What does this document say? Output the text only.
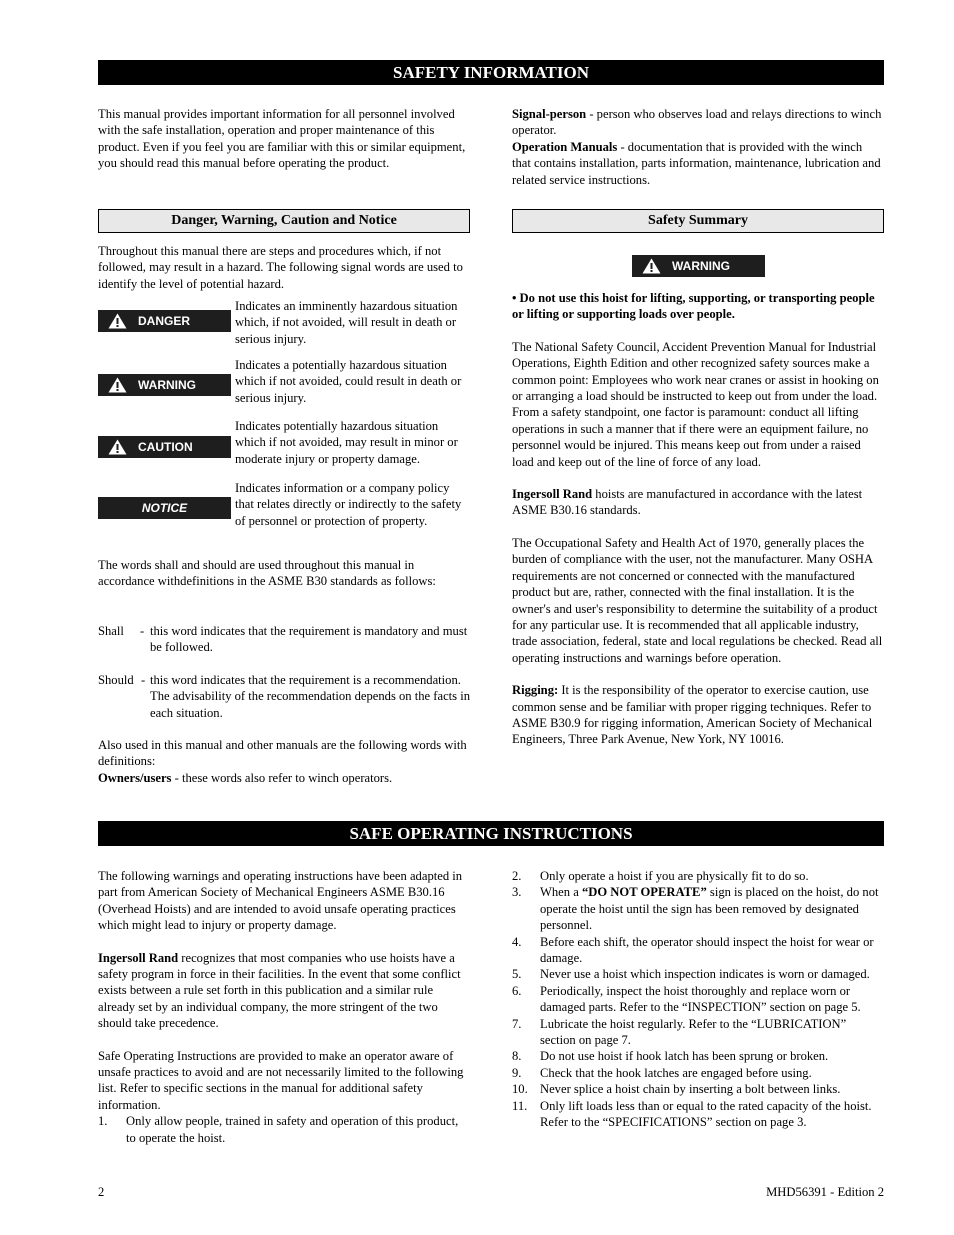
SAFETY INFORMATION

This manual provides important information for all personnel involved with the safe installation, operation and proper maintenance of this product. Even if you feel you are familiar with this or similar equipment, you should read this manual before operating the product.

Signal-person - person who observes load and relays directions to winch operator.

Operation Manuals - documentation that is provided with the winch that contains installation, parts information, maintenance, lubrication and related service instructions.

Danger, Warning, Caution and Notice	Safety Summary

Throughout this manual there are steps and procedures which, if not followed, may result in a hazard. The following signal words are used to identify the level of potential hazard.

DANGER
Indicates an imminently hazardous situation which, if not avoided, will result in death or serious injury.
WARNING
Indicates a potentially hazardous situation which if not avoided, could result in death or serious injury.
CAUTION
Indicates potentially hazardous situation which if not avoided, may result in minor or moderate injury or property damage.
NOTICE
Indicates information or a company policy that relates directly or indirectly to the safety of personnel or protection of property.

The words shall and should are used throughout this manual in accordance withdefinitions in the ASME B30 standards as follows:

Shall - this word indicates that the requirement is mandatory and must be followed.
Should - this word indicates that the requirement is a recommendation. The advisability of the recommendation depends on the facts in each situation.

Also used in this manual and other manuals are the following words with definitions:

Owners/users - these words also refer to winch operators.

WARNING

• Do not use this hoist for lifting, supporting, or transporting people or lifting or supporting loads over people.

The National Safety Council, Accident Prevention Manual for Industrial Operations, Eighth Edition and other recognized safety sources make a common point: Employees who work near cranes or assist in hooking on or arranging a load should be instructed to keep out from under the load. From a safety standpoint, one factor is paramount: conduct all lifting operations in such a manner that if there were an equipment failure, no personnel would be injured. This means keep out from under a raised load and keep out of the line of force of any load.

Ingersoll Rand hoists are manufactured in accordance with the latest ASME B30.16 standards.

The Occupational Safety and Health Act of 1970, generally places the burden of compliance with the user, not the manufacturer. Many OSHA requirements are not concerned or connected with the manufactured product but are, rather, connected with the final installation. It is the owner's and user's responsibility to determine the suitability of a product for any particular use. It is recommended that all applicable industry, trade association, federal, state and local regulations be checked. Read all operating instructions and warnings before operation.

Rigging: It is the responsibility of the operator to exercise caution, use common sense and be familiar with proper rigging techniques. Refer to ASME B30.9 for rigging information, American Society of Mechanical Engineers, Three Park Avenue, New York, NY 10016.

SAFE OPERATING INSTRUCTIONS

The following warnings and operating instructions have been adapted in part from American Society of Mechanical Engineers ASME B30.16 (Overhead Hoists) and are intended to avoid unsafe operating practices which might lead to injury or property damage.

Ingersoll Rand recognizes that most companies who use hoists have a safety program in force in their facilities. In the event that some conflict exists between a rule set forth in this publication and a similar rule already set by an individual company, the more stringent of the two should take precedence.

Safe Operating Instructions are provided to make an operator aware of unsafe practices to avoid and are not necessarily limited to the following list. Refer to specific sections in the manual for additional safety information.

1. Only allow people, trained in safety and operation of this product, to operate the hoist.
2. Only operate a hoist if you are physically fit to do so.
3. When a “DO NOT OPERATE” sign is placed on the hoist, do not operate the hoist until the sign has been removed by designated personnel.
4. Before each shift, the operator should inspect the hoist for wear or damage.
5. Never use a hoist which inspection indicates is worn or damaged.
6. Periodically, inspect the hoist thoroughly and replace worn or damaged parts. Refer to the “INSPECTION” section on page 5.
7. Lubricate the hoist regularly. Refer to the “LUBRICATION” section on page 7.
8. Do not use hoist if hook latch has been sprung or broken.
9. Check that the hook latches are engaged before using.
10. Never splice a hoist chain by inserting a bolt between links.
11. Only lift loads less than or equal to the rated capacity of the hoist. Refer to the “SPECIFICATIONS” section on page 3.
2	MHD56391 - Edition 2
